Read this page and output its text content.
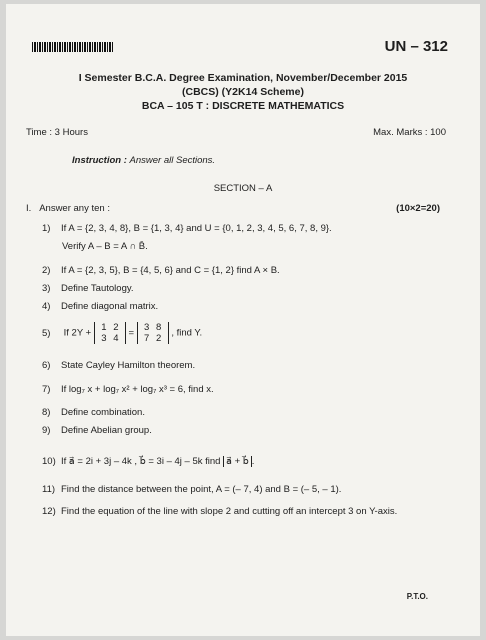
UN – 312
I Semester B.C.A. Degree Examination, November/December 2015
(CBCS) (Y2K14 Scheme)
BCA – 105 T : DISCRETE MATHEMATICS
Time : 3 Hours	Max. Marks : 100
Instruction : Answer all Sections.
SECTION – A
I. Answer any ten :	(10×2=20)
1) If A = {2, 3, 4, 8}, B = {1, 3, 4} and U = {0, 1, 2, 3, 4, 5, 6, 7, 8, 9}.
Verify A – B = A ∩ B̄.
2) If A = {2, 3, 5}, B = {4, 5, 6} and C = {1, 2} find A × B.
3) Define Tautology.
4) Define diagonal matrix.
5) If 2Y + 1 2
3 4 = 3 8
7 2 , find Y.
6) State Cayley Hamilton theorem.
7) If log₇ x + log₇ x² + log₇ x³ = 6, find x.
8) Define combination.
9) Define Abelian group.
10) If a⃗ = 2i + 3j – 4k , b⃗ = 3i – 4j – 5k find a⃗ + b⃗ .
11) Find the distance between the point, A = (– 7, 4) and B = (– 5, – 1).
12) Find the equation of the line with slope 2 and cutting off an intercept 3 on Y-axis.
P.T.O.
